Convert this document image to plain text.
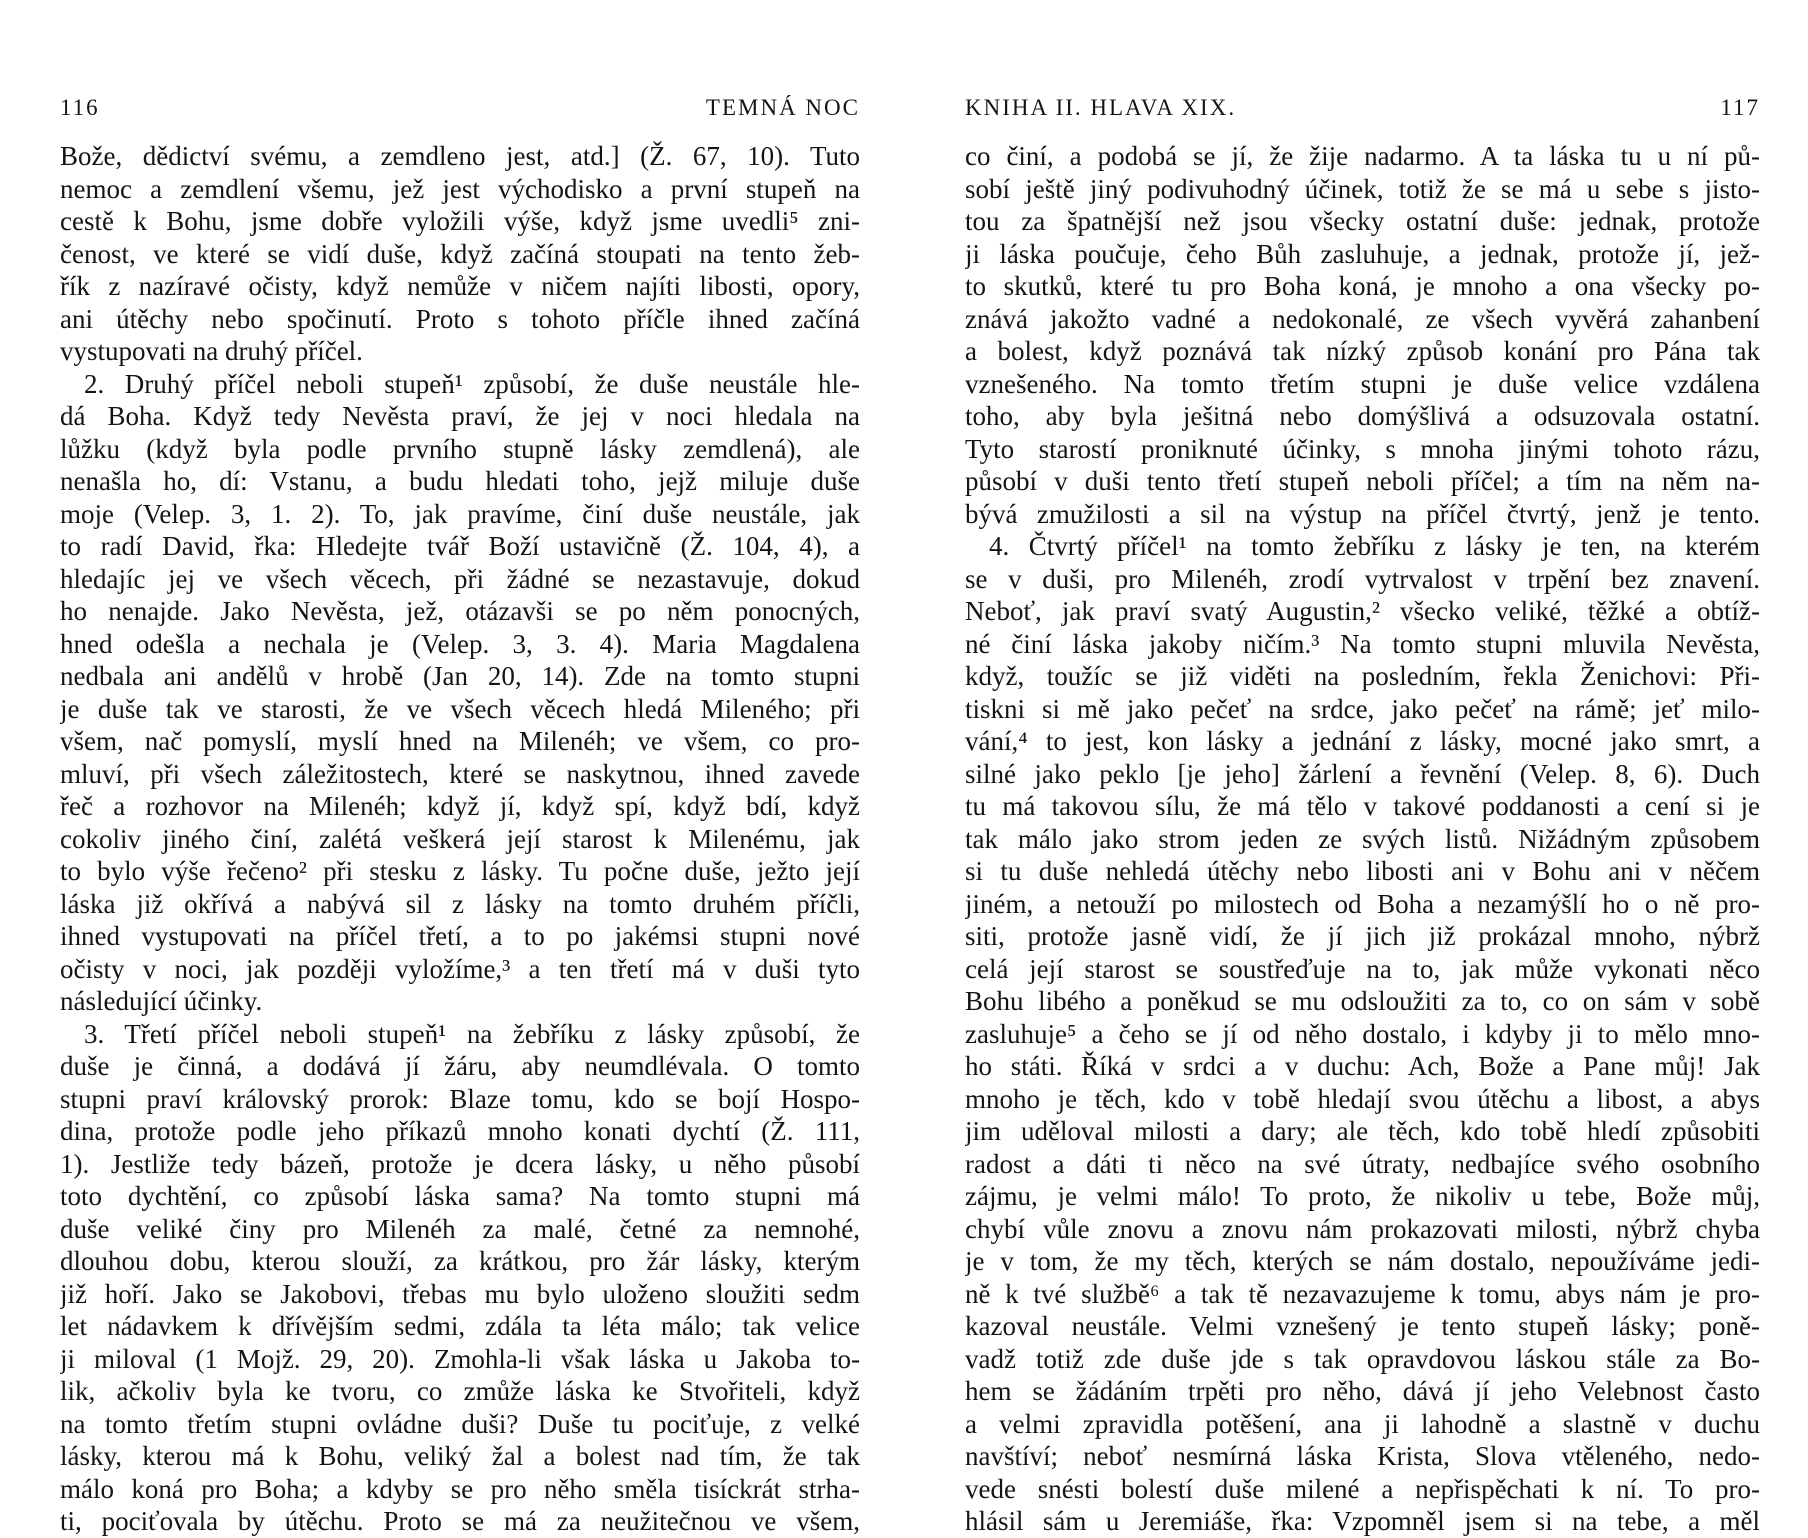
116	TEMNÁ NOC
Bože, dědictví svému, a zemdleno jest, atd.] (Ž. 67, 10). Tuto
nemoc a zemdlení všemu, jež jest východisko a první stupeň na
cestě k Bohu, jsme dobře vyložili výše, když jsme uvedli⁵ zni-
čenost, ve které se vidí duše, když začíná stoupati na tento žeb-
řík z nazíravé očisty, když nemůže v ničem najíti libosti, opory,
ani útěchy nebo spočinutí. Proto s tohoto příčle ihned začíná
vystupovati na druhý příčel.
2. Druhý příčel neboli stupeň¹ způsobí, že duše neustále hle-
dá Boha. Když tedy Nevěsta praví, že jej v noci hledala na
lůžku (když byla podle prvního stupně lásky zemdlená), ale
nenašla ho, dí: Vstanu, a budu hledati toho, jejž miluje duše
moje (Velep. 3, 1. 2). To, jak pravíme, činí duše neustále, jak
to radí David, řka: Hledejte tvář Boží ustavičně (Ž. 104, 4), a
hledajíc jej ve všech věcech, při žádné se nezastavuje, dokud
ho nenajde. Jako Nevěsta, jež, otázavši se po něm ponocných,
hned odešla a nechala je (Velep. 3, 3. 4). Maria Magdalena
nedbala ani andělů v hrobě (Jan 20, 14). Zde na tomto stupni
je duše tak ve starosti, že ve všech věcech hledá Mileného; při
všem, nač pomyslí, myslí hned na Milenéh; ve všem, co pro-
mluví, při všech záležitostech, které se naskytnou, ihned zavede
řeč a rozhovor na Milenéh; když jí, když spí, když bdí, když
cokoliv jiného činí, zalétá veškerá její starost k Milenému, jak
to bylo výše řečeno² při stesku z lásky. Tu počne duše, ježto její
láska již okřívá a nabývá sil z lásky na tomto druhém příčli,
ihned vystupovati na příčel třetí, a to po jakémsi stupni nové
očisty v noci, jak později vyložíme,³ a ten třetí má v duši tyto
následující účinky.
3. Třetí příčel neboli stupeň¹ na žebříku z lásky způsobí, že
duše je činná, a dodává jí žáru, aby neumdlévala. O tomto
stupni praví královský prorok: Blaze tomu, kdo se bojí Hospo-
dina, protože podle jeho příkazů mnoho konati dychtí (Ž. 111,
1). Jestliže tedy bázeň, protože je dcera lásky, u něho působí
toto dychtění, co způsobí láska sama? Na tomto stupni má
duše veliké činy pro Milenéh za malé, četné za nemnohé,
dlouhou dobu, kterou slouží, za krátkou, pro žár lásky, kterým
již hoří. Jako se Jakobovi, třebas mu bylo uloženo sloužiti sedm
let nádavkem k dřívějším sedmi, zdála ta léta málo; tak velice
ji miloval (1 Mojž. 29, 20). Zmohla-li však láska u Jakoba to-
lik, ačkoliv byla ke tvoru, co zmůže láska ke Stvořiteli, když
na tomto třetím stupni ovládne duši? Duše tu pociťuje, z velké
lásky, kterou má k Bohu, veliký žal a bolest nad tím, že tak
málo koná pro Boha; a kdyby se pro něho směla tisíckrát strha-
ti, pociťovala by útěchu. Proto se má za neužitečnou ve všem,
KNIHA II. HLAVA XIX.	117
co činí, a podobá se jí, že žije nadarmo. A ta láska tu u ní pů-
sobí ještě jiný podivuhodný účinek, totiž že se má u sebe s jisto-
tou za špatnější než jsou všecky ostatní duše: jednak, protože
ji láska poučuje, čeho Bůh zasluhuje, a jednak, protože jí, jež-
to skutků, které tu pro Boha koná, je mnoho a ona všecky po-
znává jakožto vadné a nedokonalé, ze všech vyvěrá zahanbení
a bolest, když poznává tak nízký způsob konání pro Pána tak
vznešeného. Na tomto třetím stupni je duše velice vzdálena
toho, aby byla ješitná nebo domýšlivá a odsuzovala ostatní.
Tyto starostí proniknuté účinky, s mnoha jinými tohoto rázu,
působí v duši tento třetí stupeň neboli příčel; a tím na něm na-
bývá zmužilosti a sil na výstup na příčel čtvrtý, jenž je tento.
4. Čtvrtý příčel¹ na tomto žebříku z lásky je ten, na kterém
se v duši, pro Milenéh, zrodí vytrvalost v trpění bez znavení.
Neboť, jak praví svatý Augustin,² všecko veliké, těžké a obtíž-
né činí láska jakoby ničím.³ Na tomto stupni mluvila Nevěsta,
když, toužíc se již viděti na posledním, řekla Ženichovi: Při-
tiskni si mě jako pečeť na srdce, jako pečeť na rámě; jeť milo-
vání,⁴ to jest, kon lásky a jednání z lásky, mocné jako smrt, a
silné jako peklo [je jeho] žárlení a řevnění (Velep. 8, 6). Duch
tu má takovou sílu, že má tělo v takové poddanosti a cení si je
tak málo jako strom jeden ze svých listů. Nižádným způsobem
si tu duše nehledá útěchy nebo libosti ani v Bohu ani v něčem
jiném, a netouží po milostech od Boha a nezamýšlí ho o ně pro-
siti, protože jasně vidí, že jí jich již prokázal mnoho, nýbrž
celá její starost se soustřeďuje na to, jak může vykonati něco
Bohu libého a poněkud se mu odsloužiti za to, co on sám v sobě
zasluhuje⁵ a čeho se jí od něho dostalo, i kdyby ji to mělo mno-
ho státi. Říká v srdci a v duchu: Ach, Bože a Pane můj! Jak
mnoho je těch, kdo v tobě hledají svou útěchu a libost, a abys
jim uděloval milosti a dary; ale těch, kdo tobě hledí způsobiti
radost a dáti ti něco na své útraty, nedbajíce svého osobního
zájmu, je velmi málo! To proto, že nikoliv u tebe, Bože můj,
chybí vůle znovu a znovu nám prokazovati milosti, nýbrž chyba
je v tom, že my těch, kterých se nám dostalo, nepoužíváme jedi-
ně k tvé službě⁶ a tak tě nezavazujeme k tomu, abys nám je pro-
kazoval neustále. Velmi vznešený je tento stupeň lásky; poně-
vadž totiž zde duše jde s tak opravdovou láskou stále za Bo-
hem se žádáním trpěti pro něho, dává jí jeho Velebnost často
a velmi zpravidla potěšení, ana ji lahodně a slastně v duchu
navštíví; neboť nesmírná láska Krista, Slova vtěleného, nedo-
vede snésti bolestí duše milené a nepřispěchati k ní. To pro-
hlásil sám u Jeremiáše, řka: Vzpomněl jsem si na tebe, a měl
